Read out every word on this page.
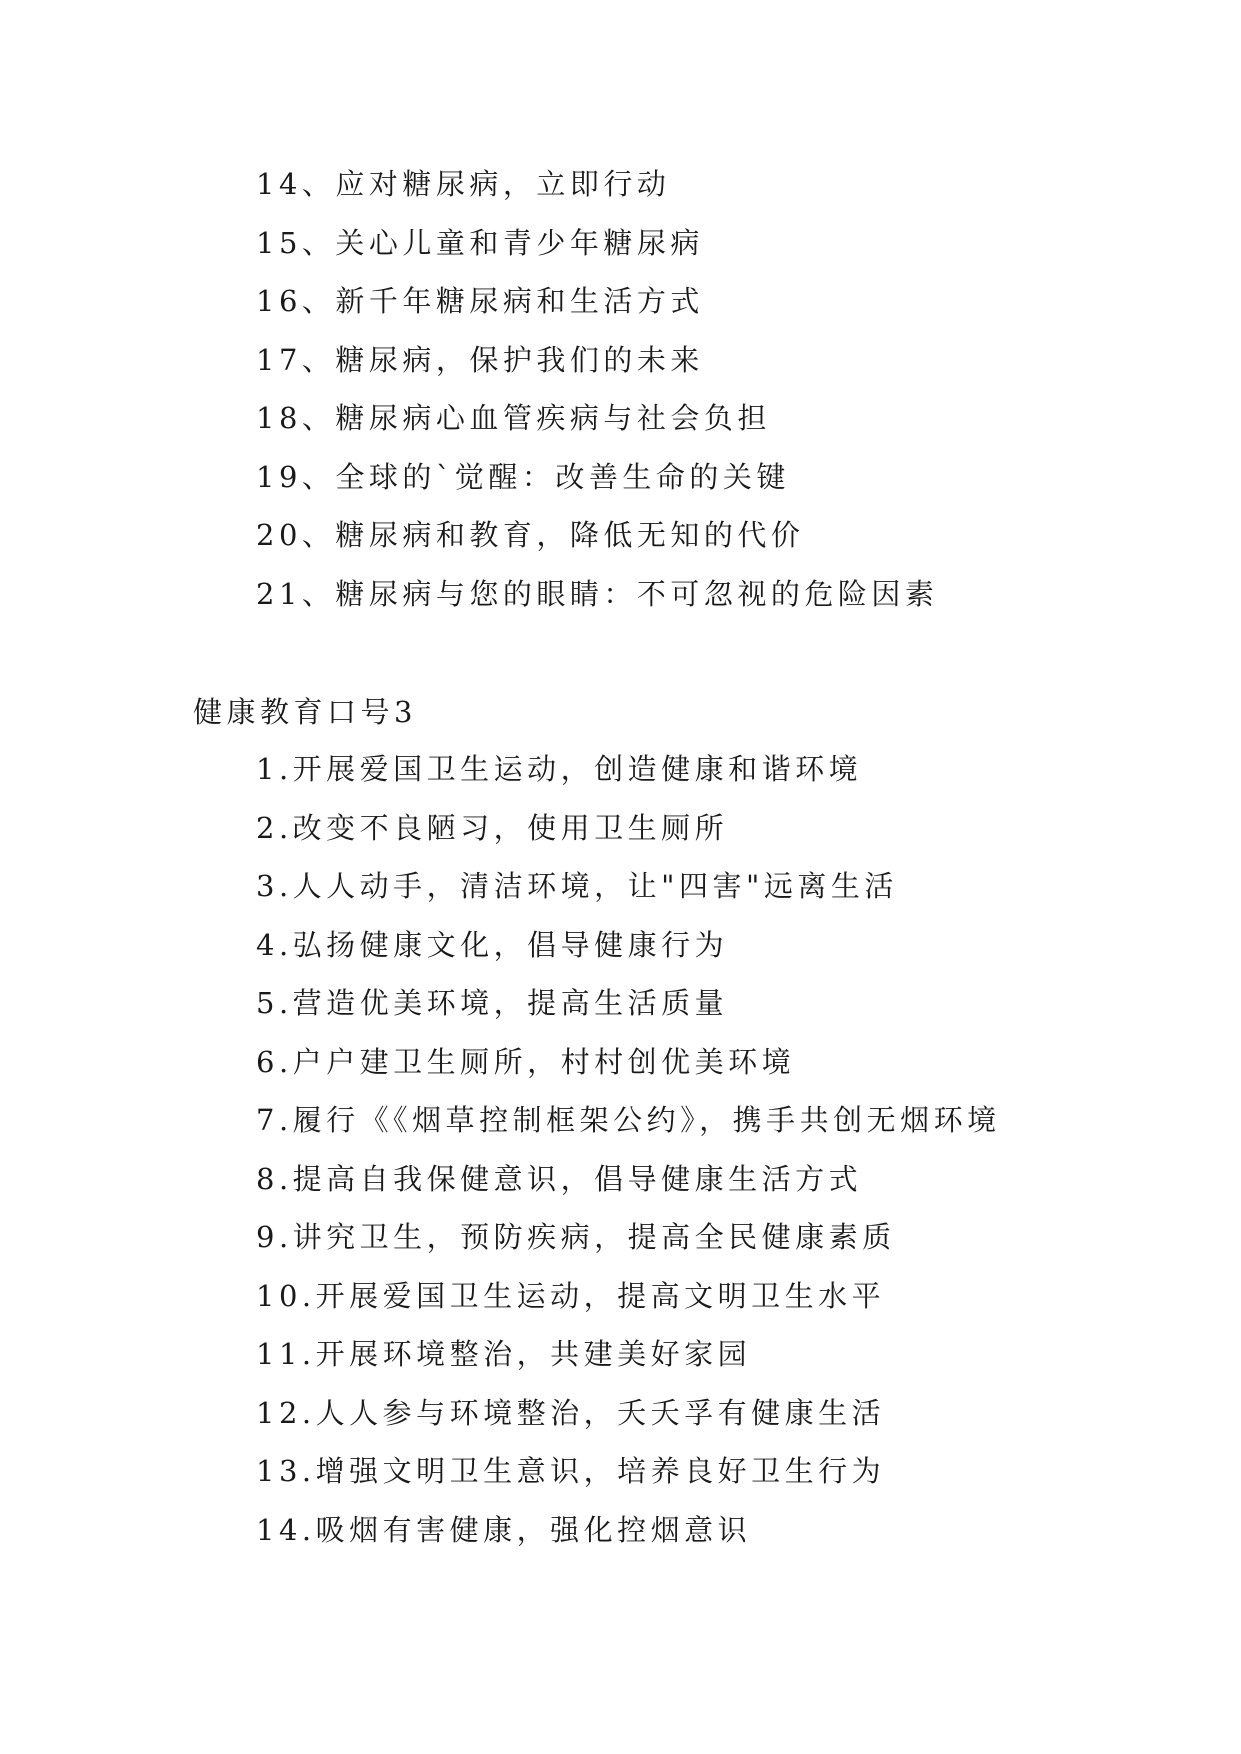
14、应对糖尿病，立即行动
15、关心儿童和青少年糖尿病
16、新千年糖尿病和生活方式
17、糖尿病，保护我们的未来
18、糖尿病心血管疾病与社会负担
19、全球的`觉醒：改善生命的关键
20、糖尿病和教育，降低无知的代价
21、糖尿病与您的眼睛：不可忽视的危险因素
健康教育口号3
1.开展爱国卫生运动，创造健康和谐环境
2.改变不良陋习，使用卫生厕所
3.人人动手，清洁环境，让"四害"远离生活
4.弘扬健康文化，倡导健康行为
5.营造优美环境，提高生活质量
6.户户建卫生厕所，村村创优美环境
7.履行《《烟草控制框架公约》，携手共创无烟环境
8.提高自我保健意识，倡导健康生活方式
9.讲究卫生，预防疾病，提高全民健康素质
10.开展爱国卫生运动，提高文明卫生水平
11.开展环境整治，共建美好家园
12.人人参与环境整治，夭夭孚有健康生活
13.增强文明卫生意识，培养良好卫生行为
14.吸烟有害健康，强化控烟意识
